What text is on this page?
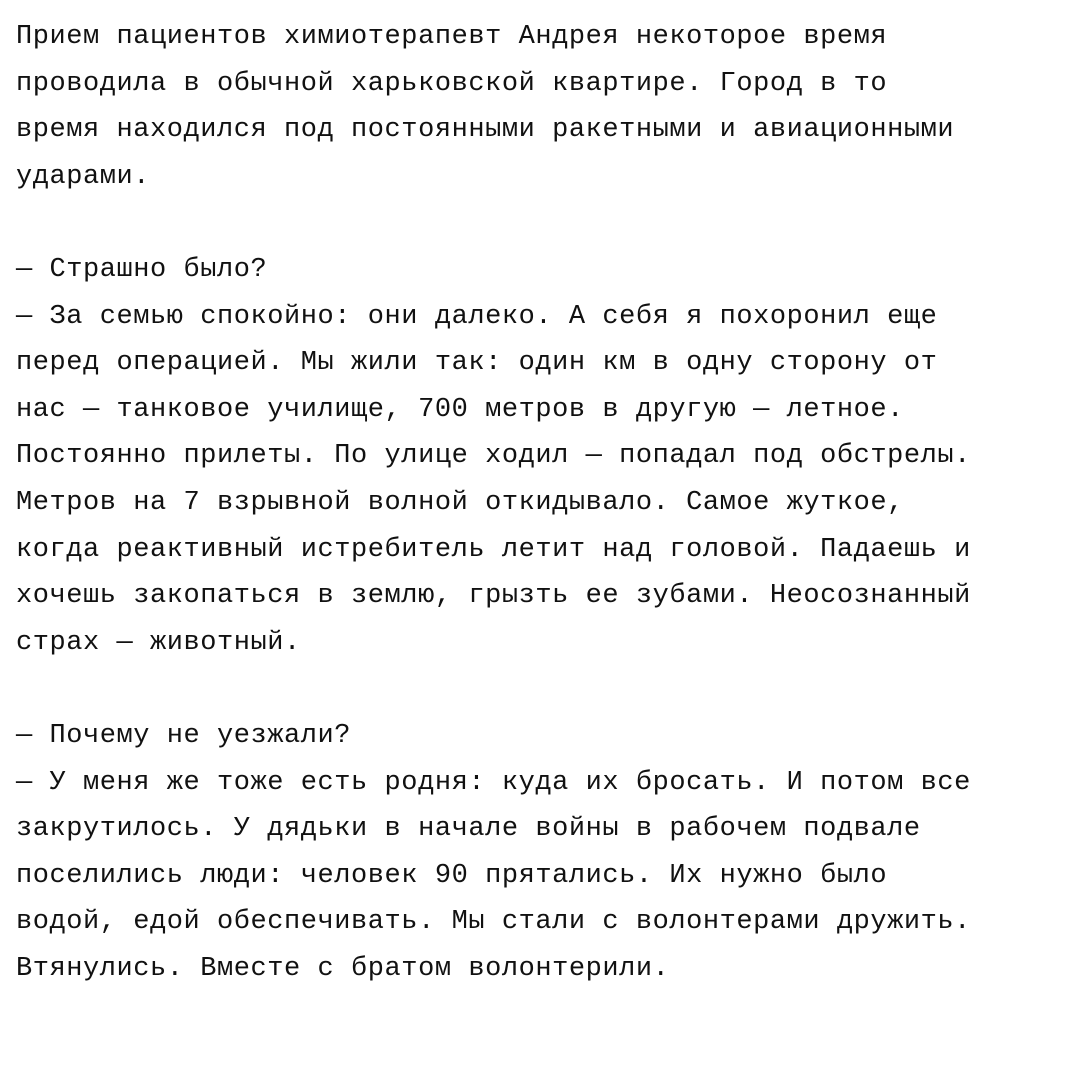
Прием пациентов химиотерапевт Андрея некоторое время
проводила в обычной харьковской квартире. Город в то
время находился под постоянными ракетными и авиационными
ударами.
— Страшно было?
— За семью спокойно: они далеко. А себя я похоронил еще
перед операцией. Мы жили так: один км в одну сторону от
нас — танковое училище, 700 метров в другую — летное.
Постоянно прилеты. По улице ходил — попадал под обстрелы.
Метров на 7 взрывной волной откидывало. Самое жуткое,
когда реактивный истребитель летит над головой. Падаешь и
хочешь закопаться в землю, грызть ее зубами. Неосознанный
страх — животный.
— Почему не уезжали?
— У меня же тоже есть родня: куда их бросать. И потом все
закрутилось. У дядьки в начале войны в рабочем подвале
поселились люди: человек 90 прятались. Их нужно было
водой, едой обеспечивать. Мы стали с волонтерами дружить.
Втянулись. Вместе с братом волонтерили.
